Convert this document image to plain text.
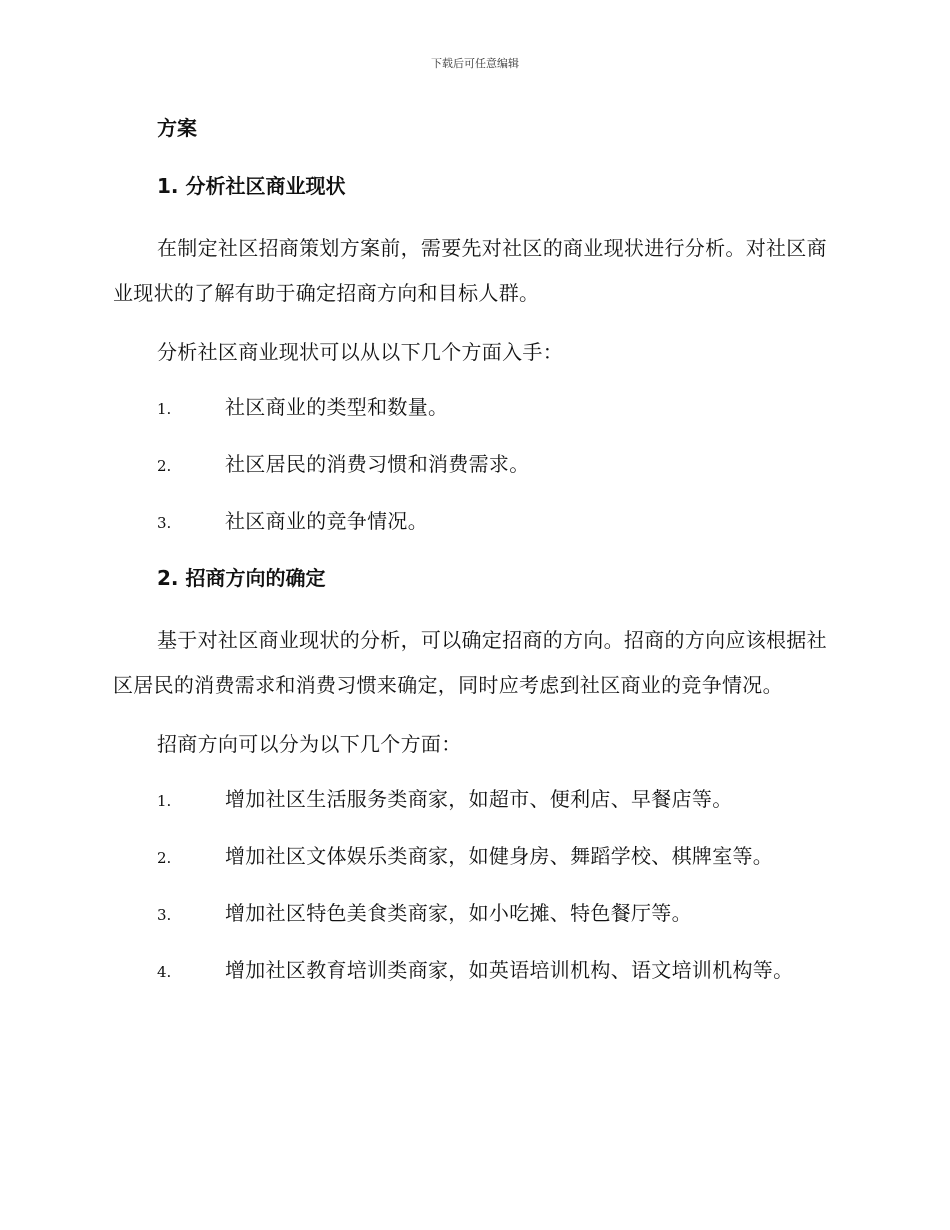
下载后可任意编辑
方案
1. 分析社区商业现状

在制定社区招商策划方案前，需要先对社区的商业现状进行分析。对社区商业现状的了解有助于确定招商方向和目标人群。

分析社区商业现状可以从以下几个方面入手：

1.	社区商业的类型和数量。
2.	社区居民的消费习惯和消费需求。
3.	社区商业的竞争情况。
2. 招商方向的确定

基于对社区商业现状的分析，可以确定招商的方向。招商的方向应该根据社区居民的消费需求和消费习惯来确定，同时应考虑到社区商业的竞争情况。

招商方向可以分为以下几个方面：

1.	增加社区生活服务类商家，如超市、便利店、早餐店等。
2.	增加社区文体娱乐类商家，如健身房、舞蹈学校、棋牌室等。
3.	增加社区特色美食类商家，如小吃摊、特色餐厅等。
4.	增加社区教育培训类商家，如英语培训机构、语文培训机构等。
